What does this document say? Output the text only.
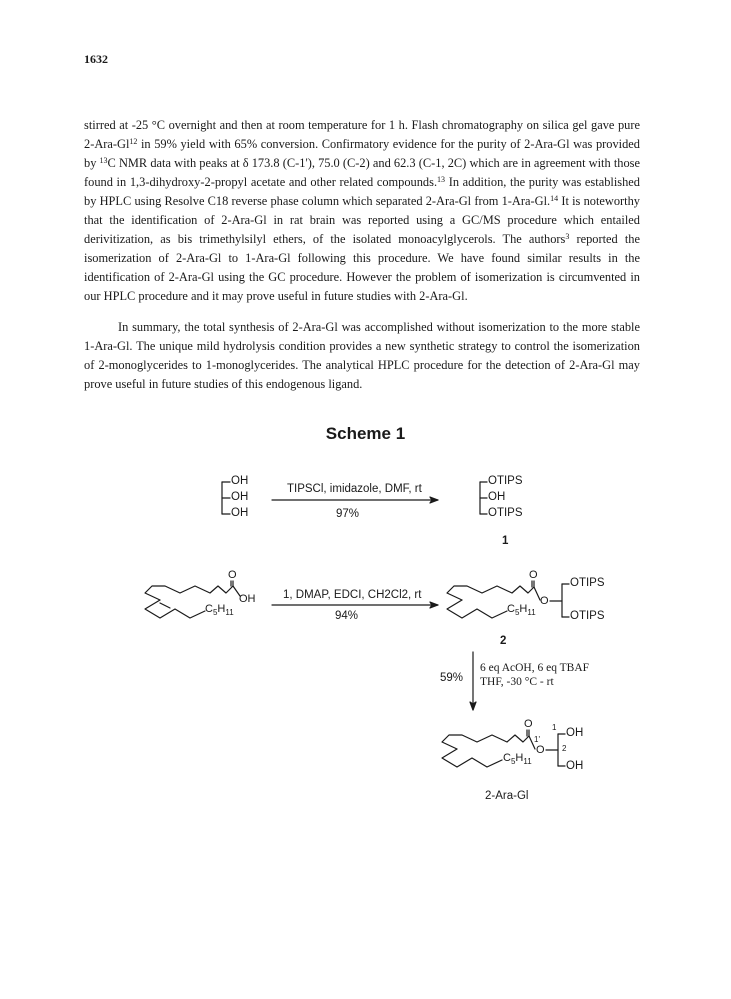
1632
stirred at -25 °C overnight and then at room temperature for 1 h. Flash chromatography on silica gel gave pure 2-Ara-Gl$^{12}$ in 59% yield with 65% conversion. Confirmatory evidence for the purity of 2-Ara-Gl was provided by $^{13}$C NMR data with peaks at δ 173.8 (C-1'), 75.0 (C-2) and 62.3 (C-1, 2C) which are in agreement with those found in 1,3-dihydroxy-2-propyl acetate and other related compounds.$^{13}$ In addition, the purity was established by HPLC using Resolve C18 reverse phase column which separated 2-Ara-Gl from 1-Ara-Gl.$^{14}$ It is noteworthy that the identification of 2-Ara-Gl in rat brain was reported using a GC/MS procedure which entailed derivitization, as bis trimethylsilyl ethers, of the isolated monoacylglycerols. The authors$^3$ reported the isomerization of 2-Ara-Gl to 1-Ara-Gl following this procedure. We have found similar results in the identification of 2-Ara-Gl using the GC procedure. However the problem of isomerization is circumvented in our HPLC procedure and it may prove useful in future studies with 2-Ara-Gl.
In summary, the total synthesis of 2-Ara-Gl was accomplished without isomerization to the more stable 1-Ara-Gl. The unique mild hydrolysis condition provides a new synthetic strategy to control the isomerization of 2-monoglycerides to 1-monoglycerides. The analytical HPLC procedure for the detection of 2-Ara-Gl may prove useful in future studies of this endogenous ligand.
Scheme 1
OH
OH
OH
TIPSCl, imidazole, DMF, rt
97%
OTIPS
OH
OTIPS
1
O
OH
$C_5H_{11}$
1, DMAP, EDCI, CH2Cl2, rt
94%
O
O
$C_5H_{11}$
OTIPS
OTIPS
2
59%
6 eq AcOH, 6 eq TBAF
THF, -30 °C - rt
O
1'
O
$C_5H_{11}$
1 OH
2
OH
2-Ara-Gl
